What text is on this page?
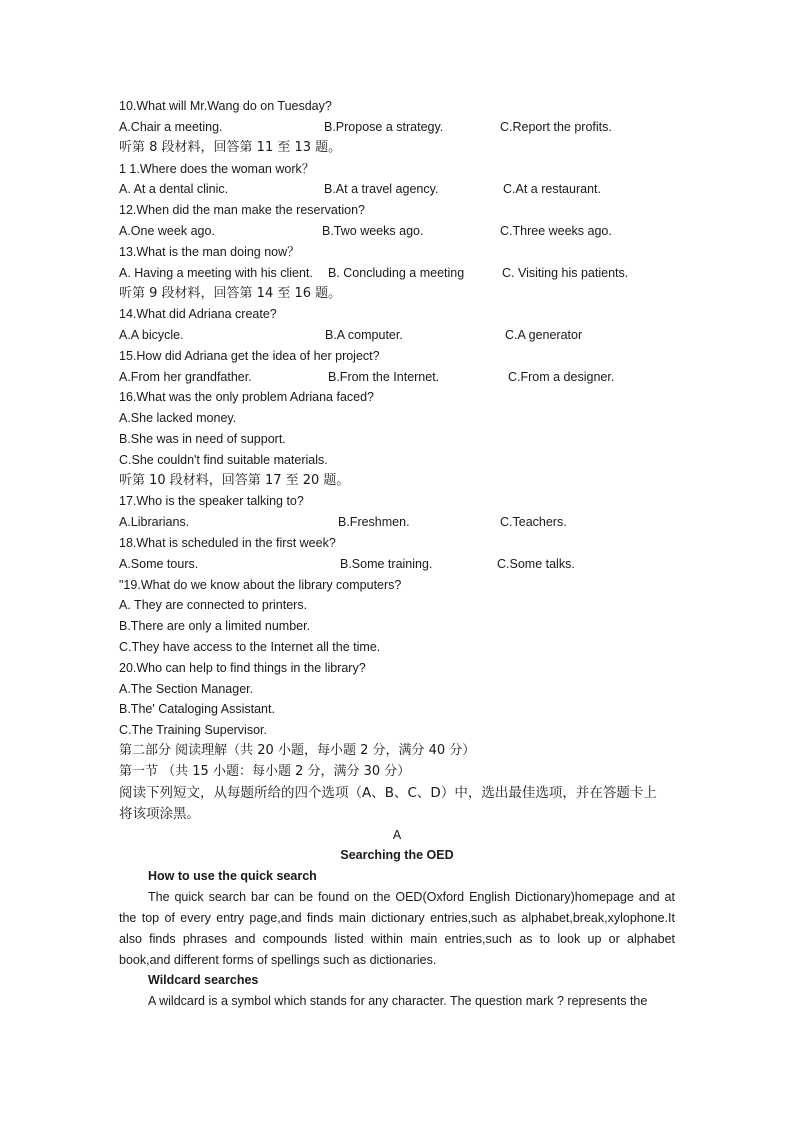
10.What will Mr.Wang do on Tuesday?
A.Chair a meeting.	B.Propose a strategy.	C.Report the profits.
听第 8 段材料，回答第 11 至 13 题。
1 1.Where does the woman work？
A. At a dental clinic.	B.At a travel agency.	C.At a restaurant.
12.When did the man make the reservation?
A.One week ago.	B.Two weeks ago.	C.Three weeks ago.
13.What is the man doing now？
A. Having a meeting with his client. B. Concluding a meeting	C. Visiting his patients.
听第 9 段材料，回答第 14 至 16 题。
14.What did Adriana create?
A.A bicycle.	B.A computer.	C.A generator
15.How did Adriana get the idea of her project?
A.From her grandfather.	B.From the Internet.	C.From a designer.
16.What was the only problem Adriana faced?
A.She lacked money.
B.She was in need of support.
C.She couldn't find suitable materials.
听第 10 段材料，回答第 17 至 20 题。
17.Who is the speaker talking to?
A.Librarians.	B.Freshmen.	C.Teachers.
18.What is scheduled in the first week?
A.Some tours.	B.Some training.	C.Some talks.
"19.What do we know about the library computers?
A. They are connected to printers.
B.There are only a limited number.
C.They have access to the Internet all the time.
20.Who can help to find things in the library?
A.The Section Manager.
B.The' Cataloging Assistant.
C.The Training Supervisor.
第二部分 阅读理解（共 20 小题，每小题 2 分，满分 40 分）
第一节 （共 15 小题：每小题 2 分，满分 30 分）
阅读下列短文，从每题所给的四个选项（A、B、C、D）中，选出最佳选项，并在答题卡上
将该项涂黑。
A
Searching the OED
How to use the quick search
The quick search bar can be found on the OED(Oxford English Dictionary)homepage and at the top of every entry page,and finds main dictionary entries,such as alphabet,break,xylophone.It also finds phrases and compounds listed within main entries,such as to look up or alphabet book,and different forms of spellings such as dictionaries.
Wildcard searches
A wildcard is a symbol which stands for any character. The question mark ? represents the
